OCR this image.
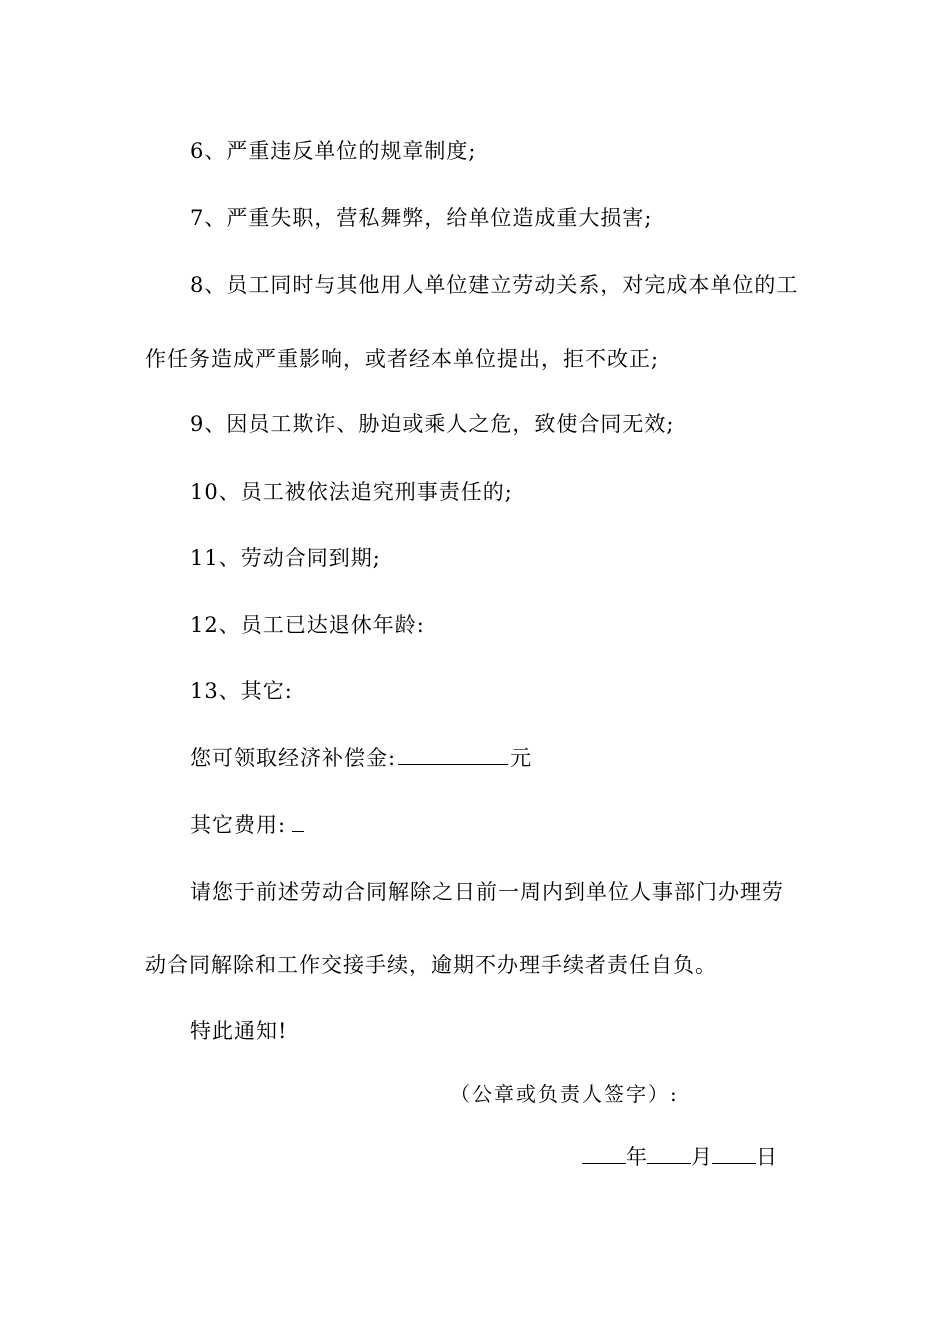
6、严重违反单位的规章制度;
7、严重失职，营私舞弊，给单位造成重大损害;
8、员工同时与其他用人单位建立劳动关系，对完成本单位的工
作任务造成严重影响，或者经本单位提出，拒不改正;
9、因员工欺诈、胁迫或乘人之危，致使合同无效;
10、员工被依法追究刑事责任的;
11、劳动合同到期;
12、员工已达退休年龄:
13、其它:
您可领取经济补偿金:	元
其它费用:
请您于前述劳动合同解除之日前一周内到单位人事部门办理劳
动合同解除和工作交接手续，逾期不办理手续者责任自负。
特此通知!
（公章或负责人签字）:
年 月 日
